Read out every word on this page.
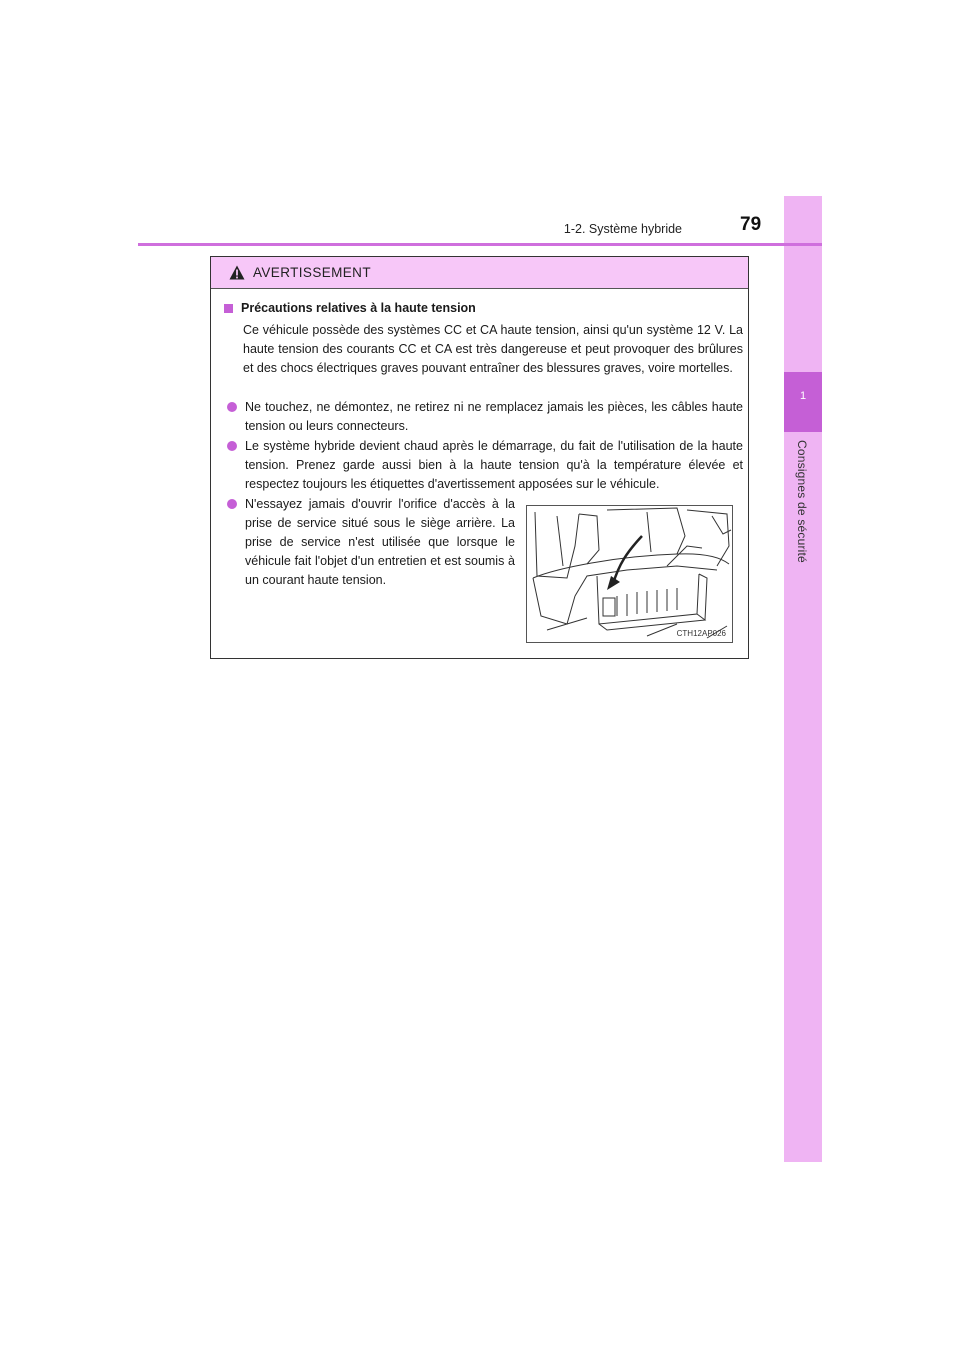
1
Consignes de sécurité
1-2. Système hybride	79
AVERTISSEMENT
Précautions relatives à la haute tension
Ce véhicule possède des systèmes CC et CA haute tension, ainsi qu'un système 12 V. La haute tension des courants CC et CA est très dangereuse et peut provoquer des brûlures et des chocs électriques graves pouvant entraîner des blessures graves, voire mortelles.
Ne touchez, ne démontez, ne retirez ni ne remplacez jamais les pièces, les câbles haute tension ou leurs connecteurs.
Le système hybride devient chaud après le démarrage, du fait de l'utilisation de la haute tension. Prenez garde aussi bien à la haute tension qu'à la température élevée et respectez toujours les étiquettes d'avertissement apposées sur le véhicule.
N'essayez jamais d'ouvrir l'orifice d'accès à la prise de service situé sous le siège arrière. La prise de service n'est utilisée que lorsque le véhicule fait l'objet d'un entretien et est soumis à un courant haute tension.
CTH12AP026
